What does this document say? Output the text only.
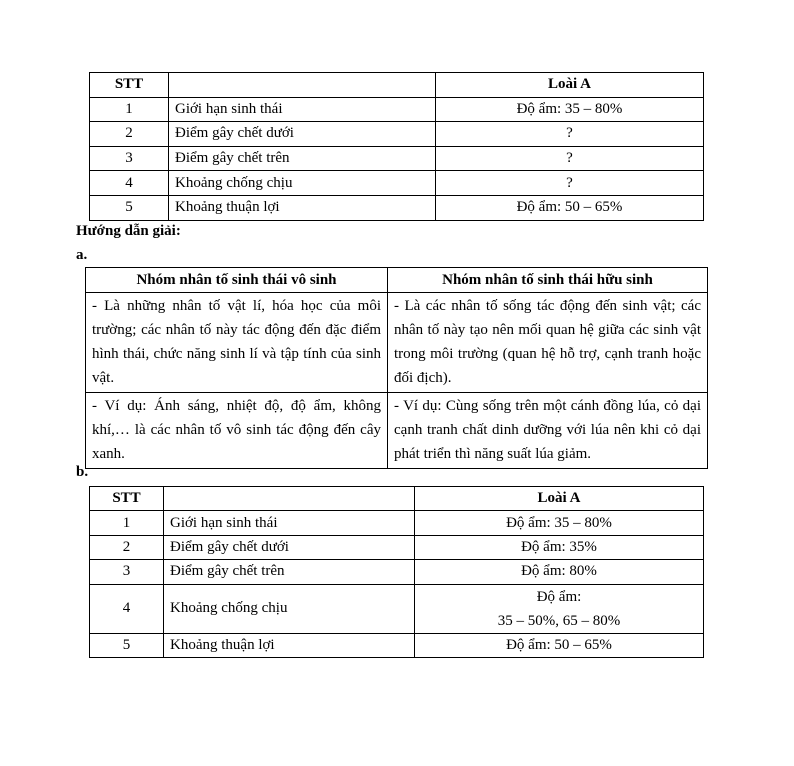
STT		Loài A
1	Giới hạn sinh thái	Độ ẩm: 35 – 80%
2	Điểm gây chết dưới	?
3	Điểm gây chết trên	?
4	Khoảng chống chịu	?
5	Khoảng thuận lợi	Độ ẩm: 50 – 65%
Hướng dẫn giải:
a.
Nhóm nhân tố sinh thái vô sinh	Nhóm nhân tố sinh thái hữu sinh
- Là những nhân tố vật lí, hóa học của môi trường; các nhân tố này tác động đến đặc điểm hình thái, chức năng sinh lí và tập tính của sinh vật.	- Là các nhân tố sống tác động đến sinh vật; các nhân tố này tạo nên mối quan hệ giữa các sinh vật trong môi trường (quan hệ hỗ trợ, cạnh tranh hoặc đối địch).
- Ví dụ: Ánh sáng, nhiệt độ, độ ẩm, không khí,… là các nhân tố vô sinh tác động đến cây xanh.	- Ví dụ: Cùng sống trên một cánh đồng lúa, cỏ dại cạnh tranh chất dinh dưỡng với lúa nên khi cỏ dại phát triển thì năng suất lúa giảm.
b.
STT		Loài A
1	Giới hạn sinh thái	Độ ẩm: 35 – 80%
2	Điểm gây chết dưới	Độ ẩm: 35%
3	Điểm gây chết trên	Độ ẩm: 80%
4	Khoảng chống chịu	Độ ẩm:
35 – 50%, 65 – 80%

5	Khoảng thuận lợi	Độ ẩm: 50 – 65%
